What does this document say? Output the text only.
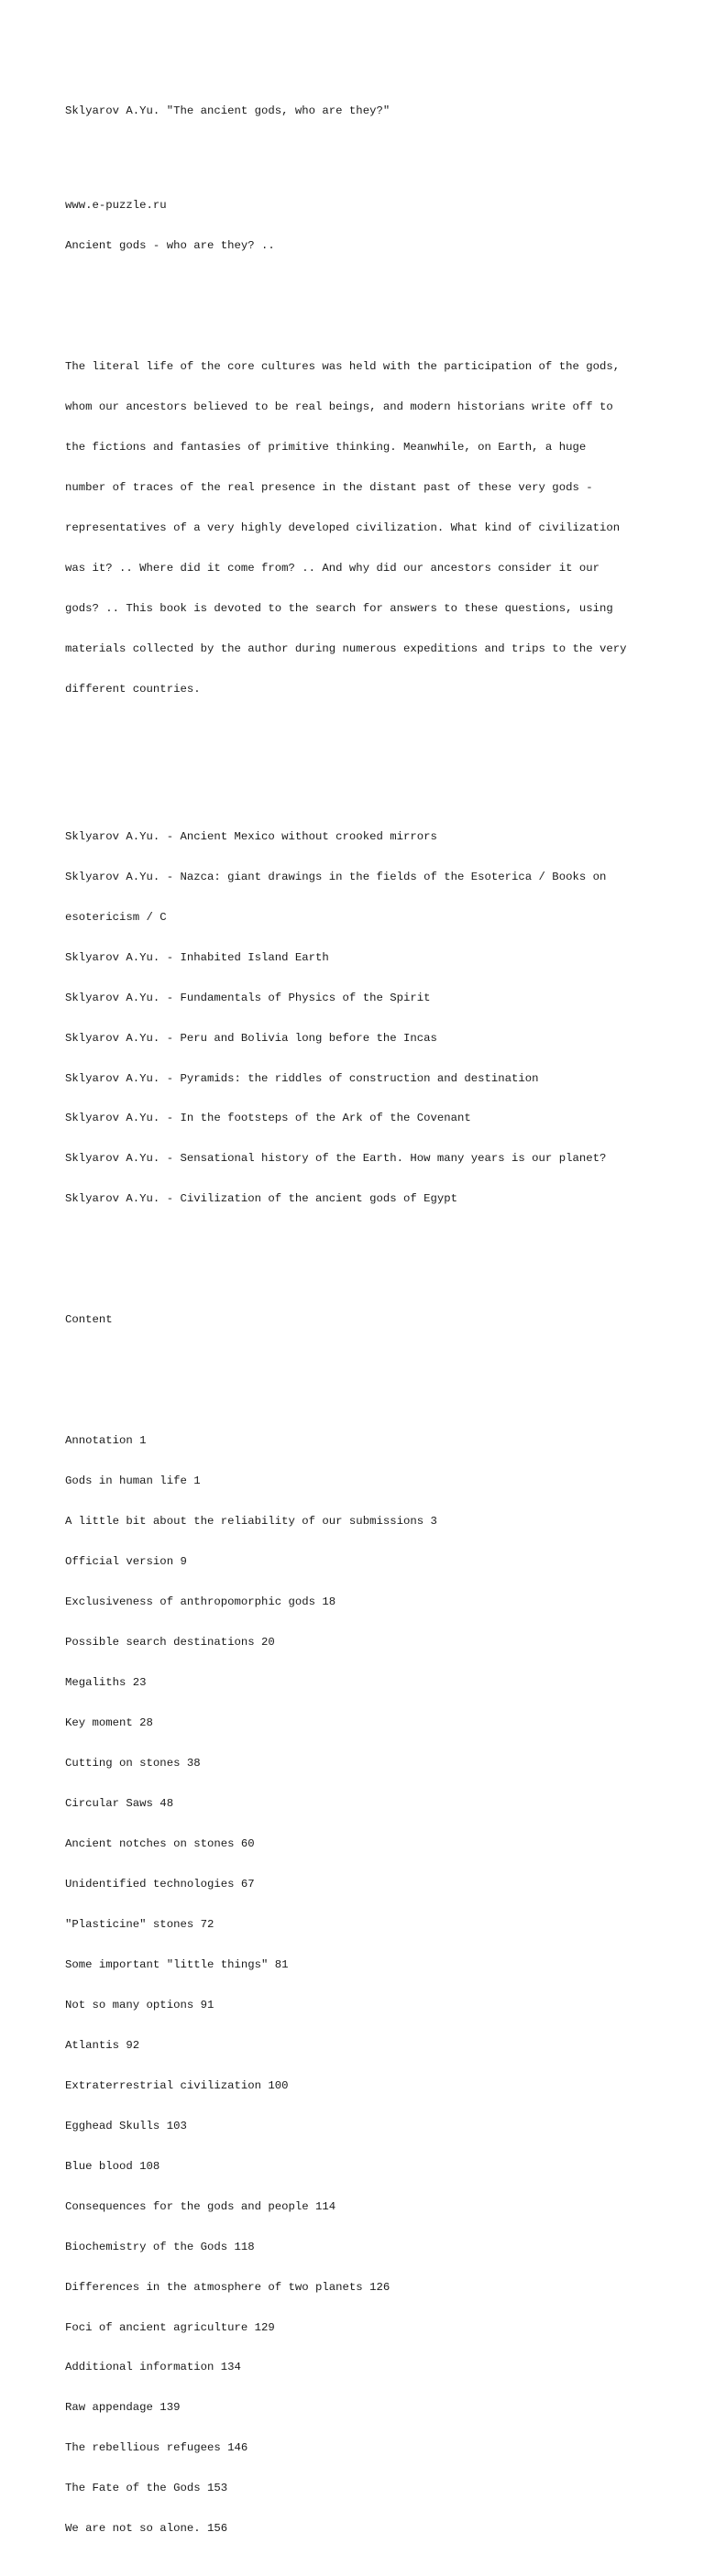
Sklyarov A.Yu. "The ancient gods, who are they?"

www.e-puzzle.ru

Ancient gods - who are they? ..

The literal life of the core cultures was held with the participation of the gods,

whom our ancestors believed to be real beings, and modern historians write off to

the fictions and fantasies of primitive thinking. Meanwhile, on Earth, a huge

number of traces of the real presence in the distant past of these very gods -

representatives of a very highly developed civilization. What kind of civilization

was it? .. Where did it come from? .. And why did our ancestors consider it our

gods? .. This book is devoted to the search for answers to these questions, using

materials collected by the author during numerous expeditions and trips to the very

different countries.

Sklyarov A.Yu. - Ancient Mexico without crooked mirrors

Sklyarov A.Yu. - Nazca: giant drawings in the fields of the Esoterica / Books on

esotericism / C

Sklyarov A.Yu. - Inhabited Island Earth

Sklyarov A.Yu. - Fundamentals of Physics of the Spirit

Sklyarov A.Yu. - Peru and Bolivia long before the Incas

Sklyarov A.Yu. - Pyramids: the riddles of construction and destination

Sklyarov A.Yu. - In the footsteps of the Ark of the Covenant

Sklyarov A.Yu. - Sensational history of the Earth. How many years is our planet?

Sklyarov A.Yu. - Civilization of the ancient gods of Egypt

Content

Annotation 1

Gods in human life 1

A little bit about the reliability of our submissions 3

Official version 9

Exclusiveness of anthropomorphic gods 18

Possible search destinations 20

Megaliths 23

Key moment 28

Cutting on stones 38

Circular Saws 48

Ancient notches on stones 60

Unidentified technologies 67

"Plasticine" stones 72

Some important "little things" 81

Not so many options 91

Atlantis 92

Extraterrestrial civilization 100

Egghead Skulls 103

Blue blood 108

Consequences for the gods and people 114

Biochemistry of the Gods 118

Differences in the atmosphere of two planets 126

Foci of ancient agriculture 129

Additional information 134

Raw appendage 139

The rebellious refugees 146

The Fate of the Gods 153

We are not so alone. 156
